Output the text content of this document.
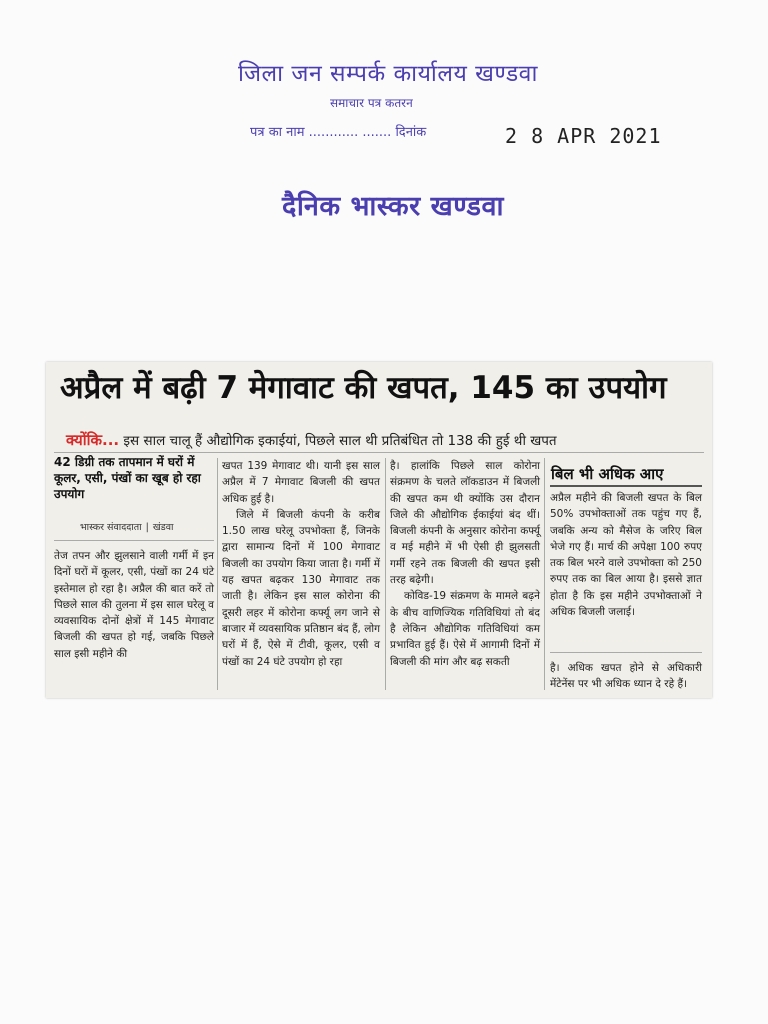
जिला जन सम्पर्क कार्यालय खण्डवा
समाचार पत्र कतरन
पत्र का नाम ............ ....... दिनांक	2 8 APR 2021
दैनिक भास्कर खण्डवा
अप्रैल में बढ़ी 7 मेगावाट की खपत, 145 का उपयोग
क्योंकि... इस साल चालू हैं औद्योगिक इकाईयां, पिछले साल थी प्रतिबंधित तो 138 की हुई थी खपत
42 डिग्री तक तापमान में घरों में कूलर, एसी, पंखों का खूब हो रहा उपयोग
भास्कर संवाददाता | खंडवा

तेज तपन और झुलसाने वाली गर्मी में इन दिनों घरों में कूलर, एसी, पंखों का 24 घंटे इस्तेमाल हो रहा है। अप्रैल की बात करें तो पिछले साल की तुलना में इस साल घरेलू व व्यवसायिक दोनों क्षेत्रों में 145 मेगावाट बिजली की खपत हो गई, जबकि पिछले साल इसी महीने की

खपत 139 मेगावाट थी। यानी इस साल अप्रैल में 7 मेगावाट बिजली की खपत अधिक हुई है।

जिले में बिजली कंपनी के करीब 1.50 लाख घरेलू उपभोक्ता हैं, जिनके द्वारा सामान्य दिनों में 100 मेगावाट बिजली का उपयोग किया जाता है। गर्मी में यह खपत बढ़कर 130 मेगावाट तक जाती है। लेकिन इस साल कोरोना की दूसरी लहर में कोरोना कर्फ्यू लग जाने से बाजार में व्यवसायिक प्रतिष्ठान बंद हैं, लोग घरों में हैं, ऐसे में टीवी, कूलर, एसी व पंखों का 24 घंटे उपयोग हो रहा

है। हालांकि पिछले साल कोरोना संक्रमण के चलते लॉकडाउन में बिजली की खपत कम थी क्योंकि उस दौरान जिले की औद्योगिक ईकाईयां बंद थीं। बिजली कंपनी के अनुसार कोरोना कर्फ्यू व मई महीने में भी ऐसी ही झुलसती गर्मी रहने तक बिजली की खपत इसी तरह बढ़ेगी।

कोविड-19 संक्रमण के मामले बढ़ने के बीच वाणिज्यिक गतिविधियां तो बंद है लेकिन औद्योगिक गतिविधियां कम प्रभावित हुई हैं। ऐसे में आगामी दिनों में बिजली की मांग और बढ़ सकती

बिल भी अधिक आए

अप्रैल महीने की बिजली खपत के बिल 50% उपभोक्ताओं तक पहुंच गए हैं, जबकि अन्य को मैसेज के जरिए बिल भेजे गए हैं। मार्च की अपेक्षा 100 रुपए तक बिल भरने वाले उपभोक्ता को 250 रुपए तक का बिल आया है। इससे ज्ञात होता है कि इस महीने उपभोक्ताओं ने अधिक बिजली जलाई।

है। अधिक खपत होने से अधिकारी मेंटेनेंस पर भी अधिक ध्यान दे रहे हैं।
